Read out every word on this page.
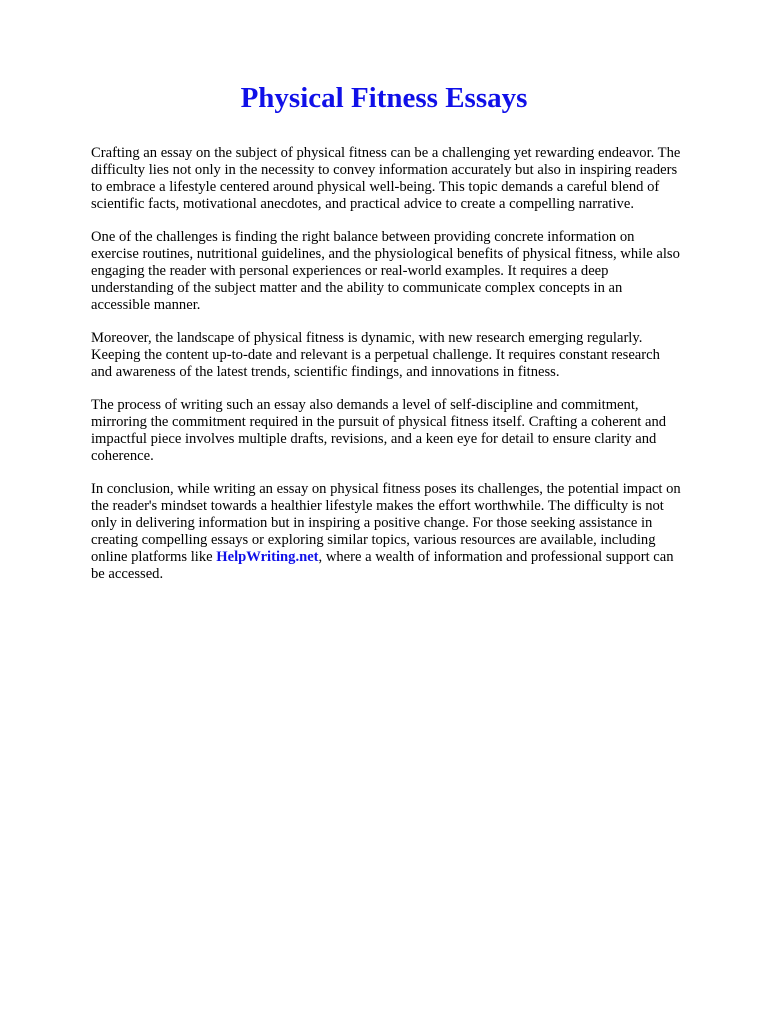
Physical Fitness Essays

Crafting an essay on the subject of physical fitness can be a challenging yet rewarding endeavor. The difficulty lies not only in the necessity to convey information accurately but also in inspiring readers to embrace a lifestyle centered around physical well-being. This topic demands a careful blend of scientific facts, motivational anecdotes, and practical advice to create a compelling narrative.

One of the challenges is finding the right balance between providing concrete information on exercise routines, nutritional guidelines, and the physiological benefits of physical fitness, while also engaging the reader with personal experiences or real-world examples. It requires a deep understanding of the subject matter and the ability to communicate complex concepts in an accessible manner.

Moreover, the landscape of physical fitness is dynamic, with new research emerging regularly. Keeping the content up-to-date and relevant is a perpetual challenge. It requires constant research and awareness of the latest trends, scientific findings, and innovations in fitness.

The process of writing such an essay also demands a level of self-discipline and commitment, mirroring the commitment required in the pursuit of physical fitness itself. Crafting a coherent and impactful piece involves multiple drafts, revisions, and a keen eye for detail to ensure clarity and coherence.

In conclusion, while writing an essay on physical fitness poses its challenges, the potential impact on the reader's mindset towards a healthier lifestyle makes the effort worthwhile. The difficulty is not only in delivering information but in inspiring a positive change. For those seeking assistance in creating compelling essays or exploring similar topics, various resources are available, including online platforms like HelpWriting.net, where a wealth of information and professional support can be accessed.
